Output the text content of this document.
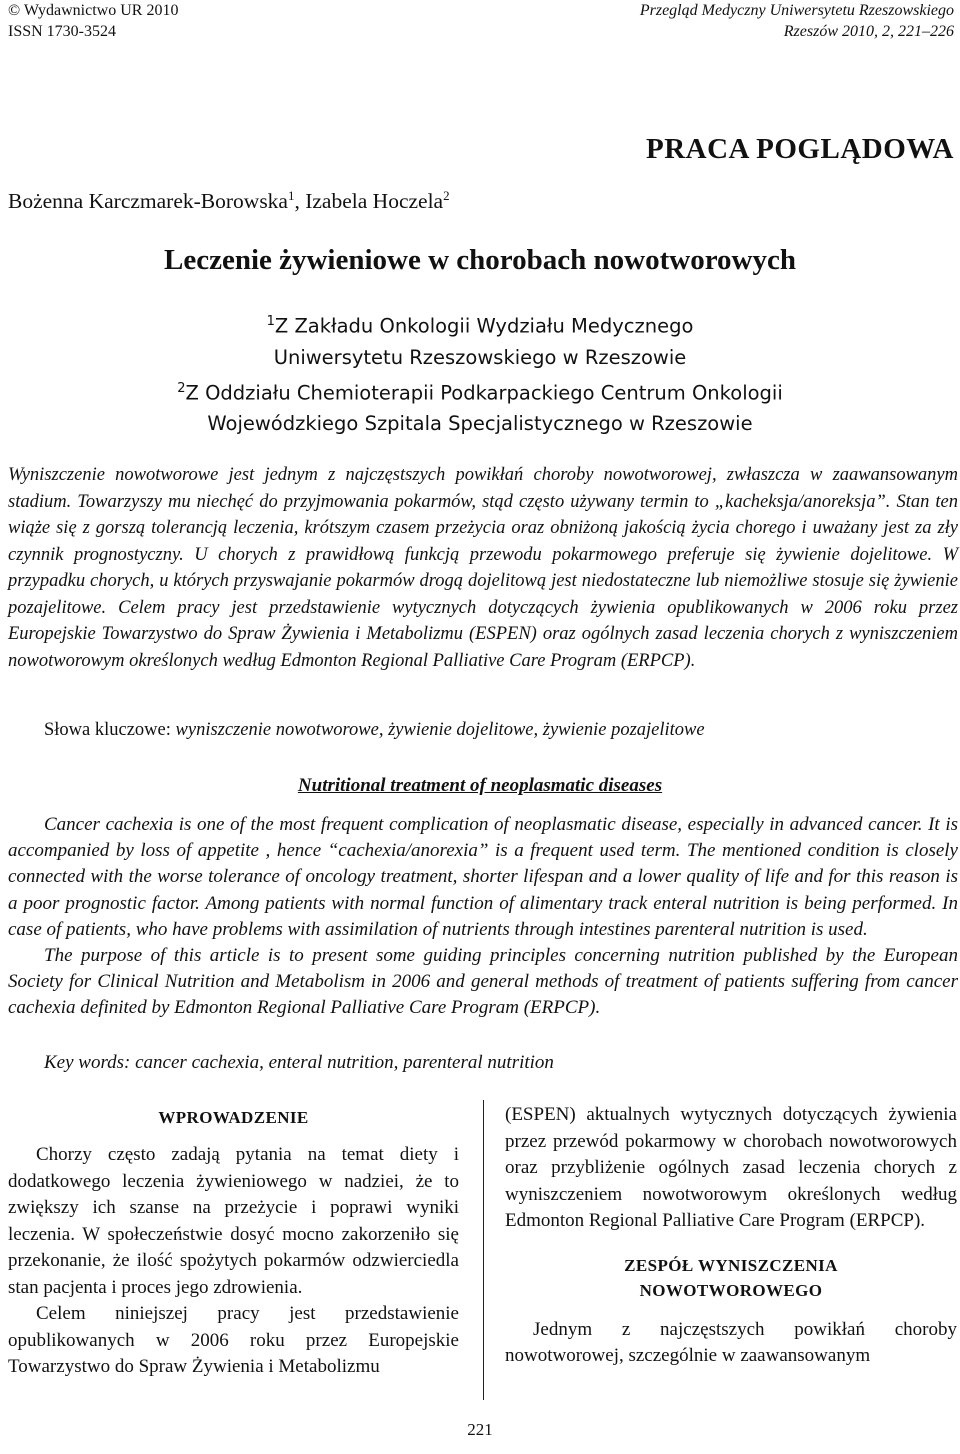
© Wydawnictwo UR 2010
ISSN 1730-3524
Przegląd Medyczny Uniwersytetu Rzeszowskiego
Rzeszów 2010, 2, 221–226
PRACA POGLĄDOWA
Bożenna Karczmarek-Borowska$^1$, Izabela Hoczela$^2$
Leczenie żywieniowe w chorobach nowotworowych
$^1$Z Zakładu Onkologii Wydziału Medycznego
Uniwersytetu Rzeszowskiego w Rzeszowie
$^2$Z Oddziału Chemioterapii Podkarpackiego Centrum Onkologii
Wojewódzkiego Szpitala Specjalistycznego w Rzeszowie
Wyniszczenie nowotworowe jest jednym z najczęstszych powikłań choroby nowotworowej, zwłaszcza w zaawansowanym stadium. Towarzyszy mu niechęć do przyjmowania pokarmów, stąd często używany termin to „kacheksja/anoreksja”. Stan ten wiąże się z gorszą tolerancją leczenia, krótszym czasem przeżycia oraz obniżoną jakością życia chorego i uważany jest za zły czynnik prognostyczny. U chorych z prawidłową funkcją przewodu pokarmowego preferuje się żywienie dojelitowe. W przypadku chorych, u których przyswajanie pokarmów drogą dojelitową jest niedostateczne lub niemożliwe stosuje się żywienie pozajelitowe. Celem pracy jest przedstawienie wytycznych dotyczących żywienia opublikowanych w 2006 roku przez Europejskie Towarzystwo do Spraw Żywienia i Metabolizmu (ESPEN) oraz ogólnych zasad leczenia chorych z wyniszczeniem nowotworowym określonych według Edmonton Regional Palliative Care Program (ERPCP).
Słowa kluczowe: wyniszczenie nowotworowe, żywienie dojelitowe, żywienie pozajelitowe
Nutritional treatment of neoplasmatic diseases

Cancer cachexia is one of the most frequent complication of neoplasmatic disease, especially in advanced cancer. It is accompanied by loss of appetite , hence “cachexia/anorexia” is a frequent used term. The mentioned condition is closely connected with the worse tolerance of oncology treatment, shorter lifespan and a lower quality of life and for this reason is a poor prognostic factor. Among patients with normal function of alimentary track enteral nutrition is being performed. In case of patients, who have problems with assimilation of nutrients through intestines parenteral nutrition is used.

The purpose of this article is to present some guiding principles concerning nutrition published by the European Society for Clinical Nutrition and Metabolism in 2006 and general methods of treatment of patients suffering from cancer cachexia definited by Edmonton Regional Palliative Care Program (ERPCP).

Key words: cancer cachexia, enteral nutrition, parenteral nutrition

WPROWADZENIE

Chorzy często zadają pytania na temat diety i dodatkowego leczenia żywieniowego w nadziei, że to zwiększy ich szanse na przeżycie i poprawi wyniki leczenia. W społeczeństwie dosyć mocno zakorzeniło się przekonanie, że ilość spożytych pokarmów odzwierciedla stan pacjenta i proces jego zdrowienia.

Celem niniejszej pracy jest przedstawienie opublikowanych w 2006 roku przez Europejskie Towarzystwo do Spraw Żywienia i Metabolizmu

(ESPEN) aktualnych wytycznych dotyczących żywienia przez przewód pokarmowy w chorobach nowotworowych oraz przybliżenie ogólnych zasad leczenia chorych z wyniszczeniem nowotworowym określonych według Edmonton Regional Palliative Care Program (ERPCP).

ZESPÓŁ WYNISZCZENIA

NOWOTWOROWEGO

Jednym z najczęstszych powikłań choroby nowotworowej, szczególnie w zaawansowanym

221
